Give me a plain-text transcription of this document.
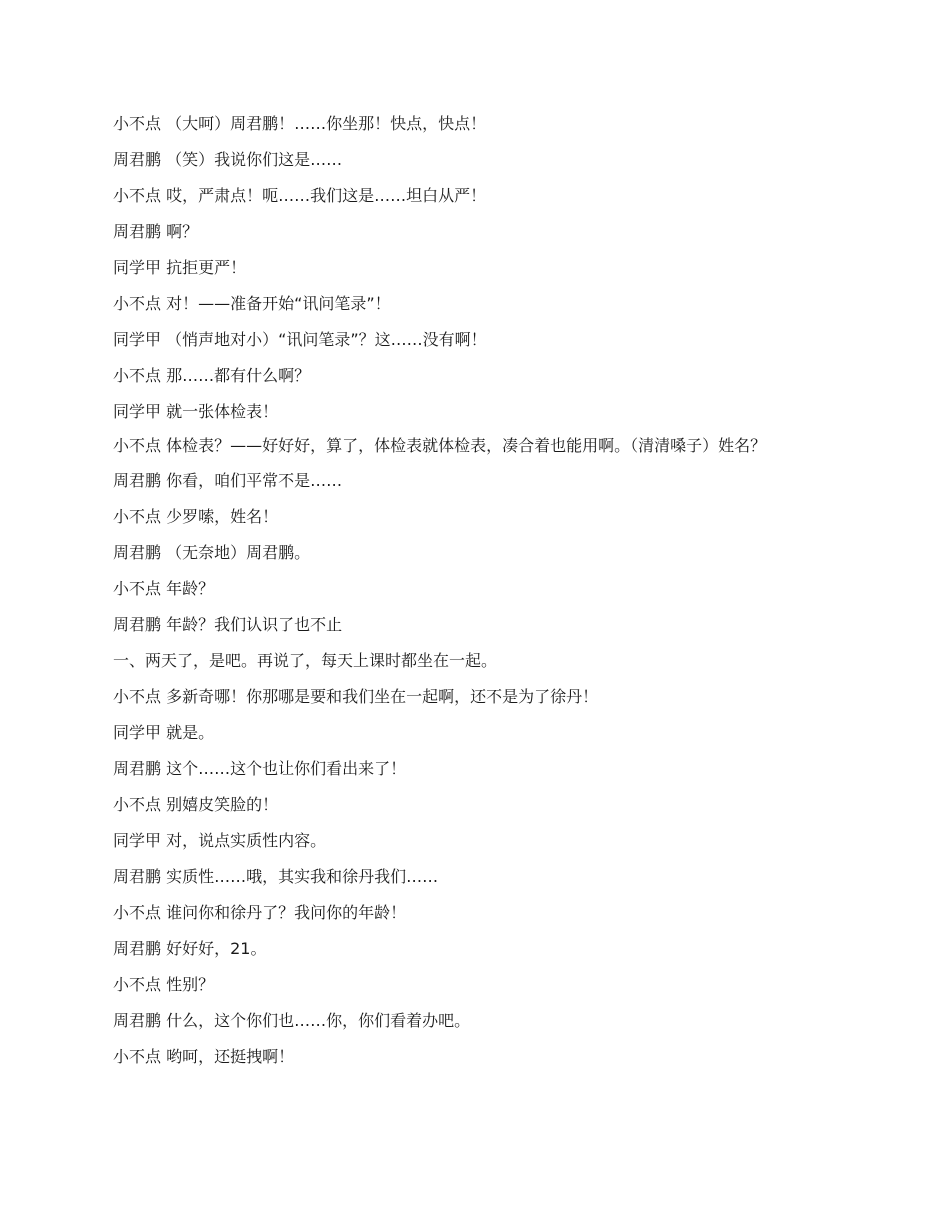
小不点 （大呵）周君鹏！……你坐那！快点，快点！

周君鹏 （笑）我说你们这是……

小不点 哎，严肃点！呃……我们这是……坦白从严！

周君鹏 啊？

同学甲 抗拒更严！

小不点 对！——准备开始“讯问笔录”！

同学甲 （悄声地对小）“讯问笔录”？这……没有啊！

小不点 那……都有什么啊？

同学甲 就一张体检表！

小不点 体检表？——好好好，算了，体检表就体检表，凑合着也能用啊。（清清嗓子）姓名？

周君鹏 你看，咱们平常不是……

小不点 少罗嗦，姓名！

周君鹏 （无奈地）周君鹏。

小不点 年龄？

周君鹏 年龄？我们认识了也不止

一、两天了，是吧。再说了，每天上课时都坐在一起。

小不点 多新奇哪！你那哪是要和我们坐在一起啊，还不是为了徐丹！

同学甲 就是。

周君鹏 这个……这个也让你们看出来了！

小不点 别嬉皮笑脸的！

同学甲 对，说点实质性内容。

周君鹏 实质性……哦，其实我和徐丹我们……

小不点 谁问你和徐丹了？我问你的年龄！

周君鹏 好好好，21。

小不点 性别？

周君鹏 什么，这个你们也……你，你们看着办吧。

小不点 哟呵，还挺拽啊！
